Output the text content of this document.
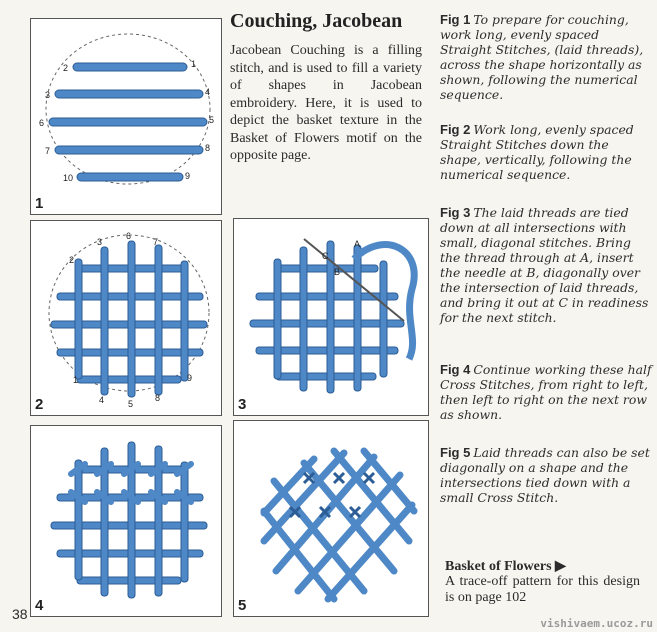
2
3
6
7
10
1
4
5
8
9
1
2
3
6
7
1
4	5
8
9
2
A
B
C
3
4	5
Couching, Jacobean
Jacobean Couching is a filling stitch, and is used to fill a variety of shapes in Jacobean embroidery. Here, it is used to depict the basket texture in the Basket of Flowers motif on the opposite page.
Fig 1 To prepare for couching, work long, evenly spaced Straight Stitches, (laid threads), across the shape horizontally as shown, following the numerical sequence.
Fig 2 Work long, evenly spaced Straight Stitches down the shape, vertically, following the numerical sequence.
Fig 3 The laid threads are tied down at all intersections with small, diagonal stitches. Bring the thread through at A, insert the needle at B, diagonally over the intersection of laid threads, and bring it out at C in readiness for the next stitch.
Fig 4 Continue working these half Cross Stitches, from right to left, then left to right on the next row as shown.
Fig 5 Laid threads can also be set diagonally on a shape and the intersections tied down with a small Cross Stitch.
Basket of Flowers ▶
A trace-off pattern for this design is on page 102
38
vishivaem.ucoz.ru
